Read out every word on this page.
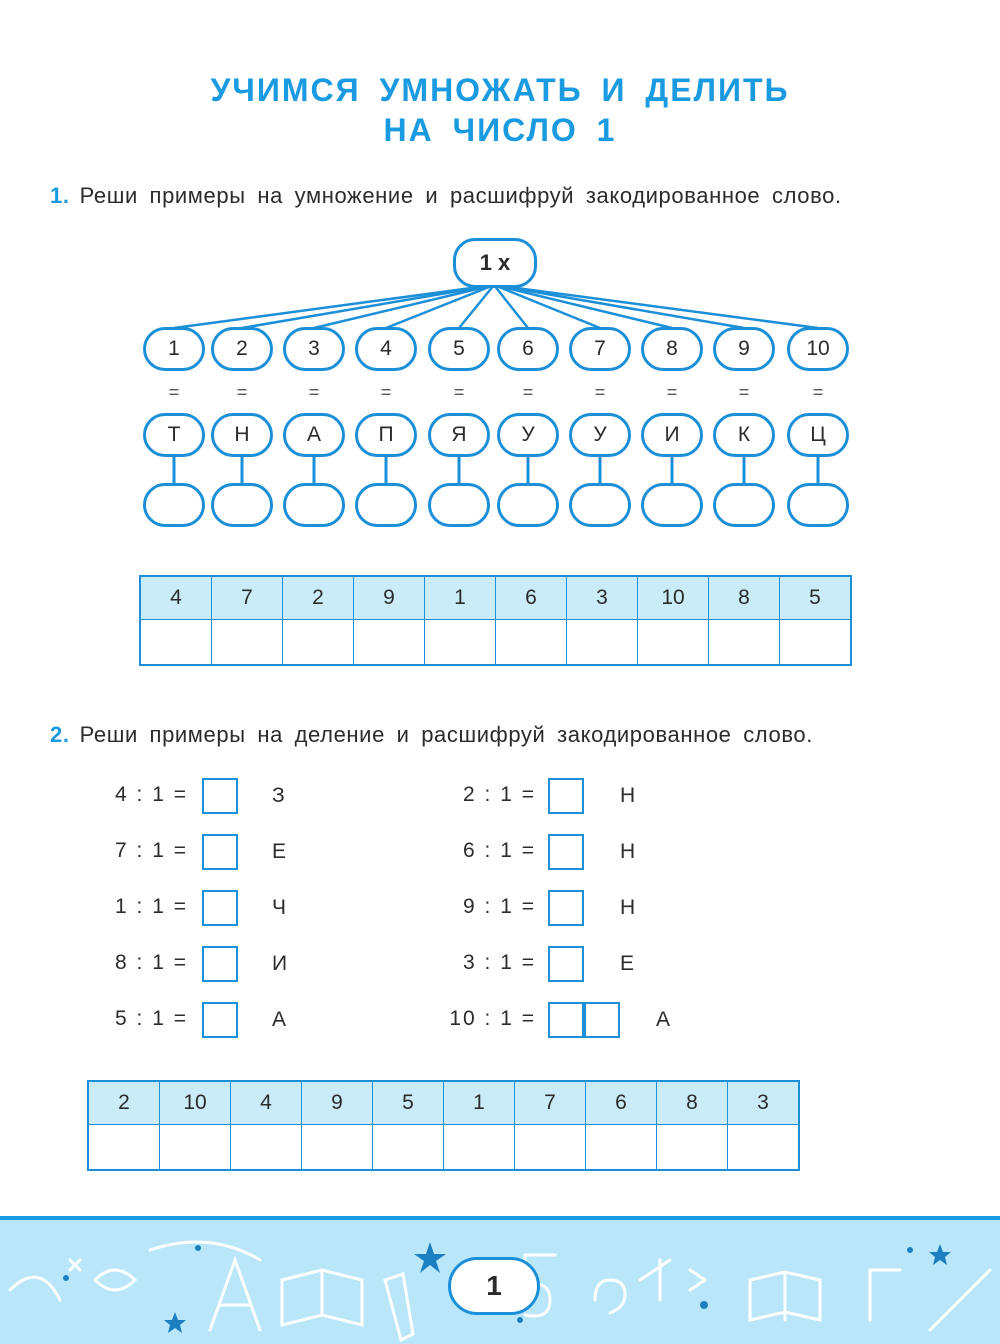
УЧИМСЯ УМНОЖАТЬ И ДЕЛИТЬ
НА ЧИСЛО 1
1. Реши примеры на умножение и расшифруй закодированное слово.
1 x
1
=
Т
2
=
Н
3
=
А
4
=
П
5
=
Я
6
=
У
7
=
У
8
=
И
9
=
К
10
=
Ц
4	7	2	9	1	6	3	10	8	5

2. Реши примеры на деление и расшифруй закодированное слово.
4 : 1 =	З
7 : 1 =	Е
1 : 1 =	Ч
8 : 1 =	И
5 : 1 =	А
2 : 1 =	Н
6 : 1 =	Н
9 : 1 =	Н
3 : 1 =	Е
10 : 1 =	А
2	10	4	9	5	1	7	6	8	3

1
